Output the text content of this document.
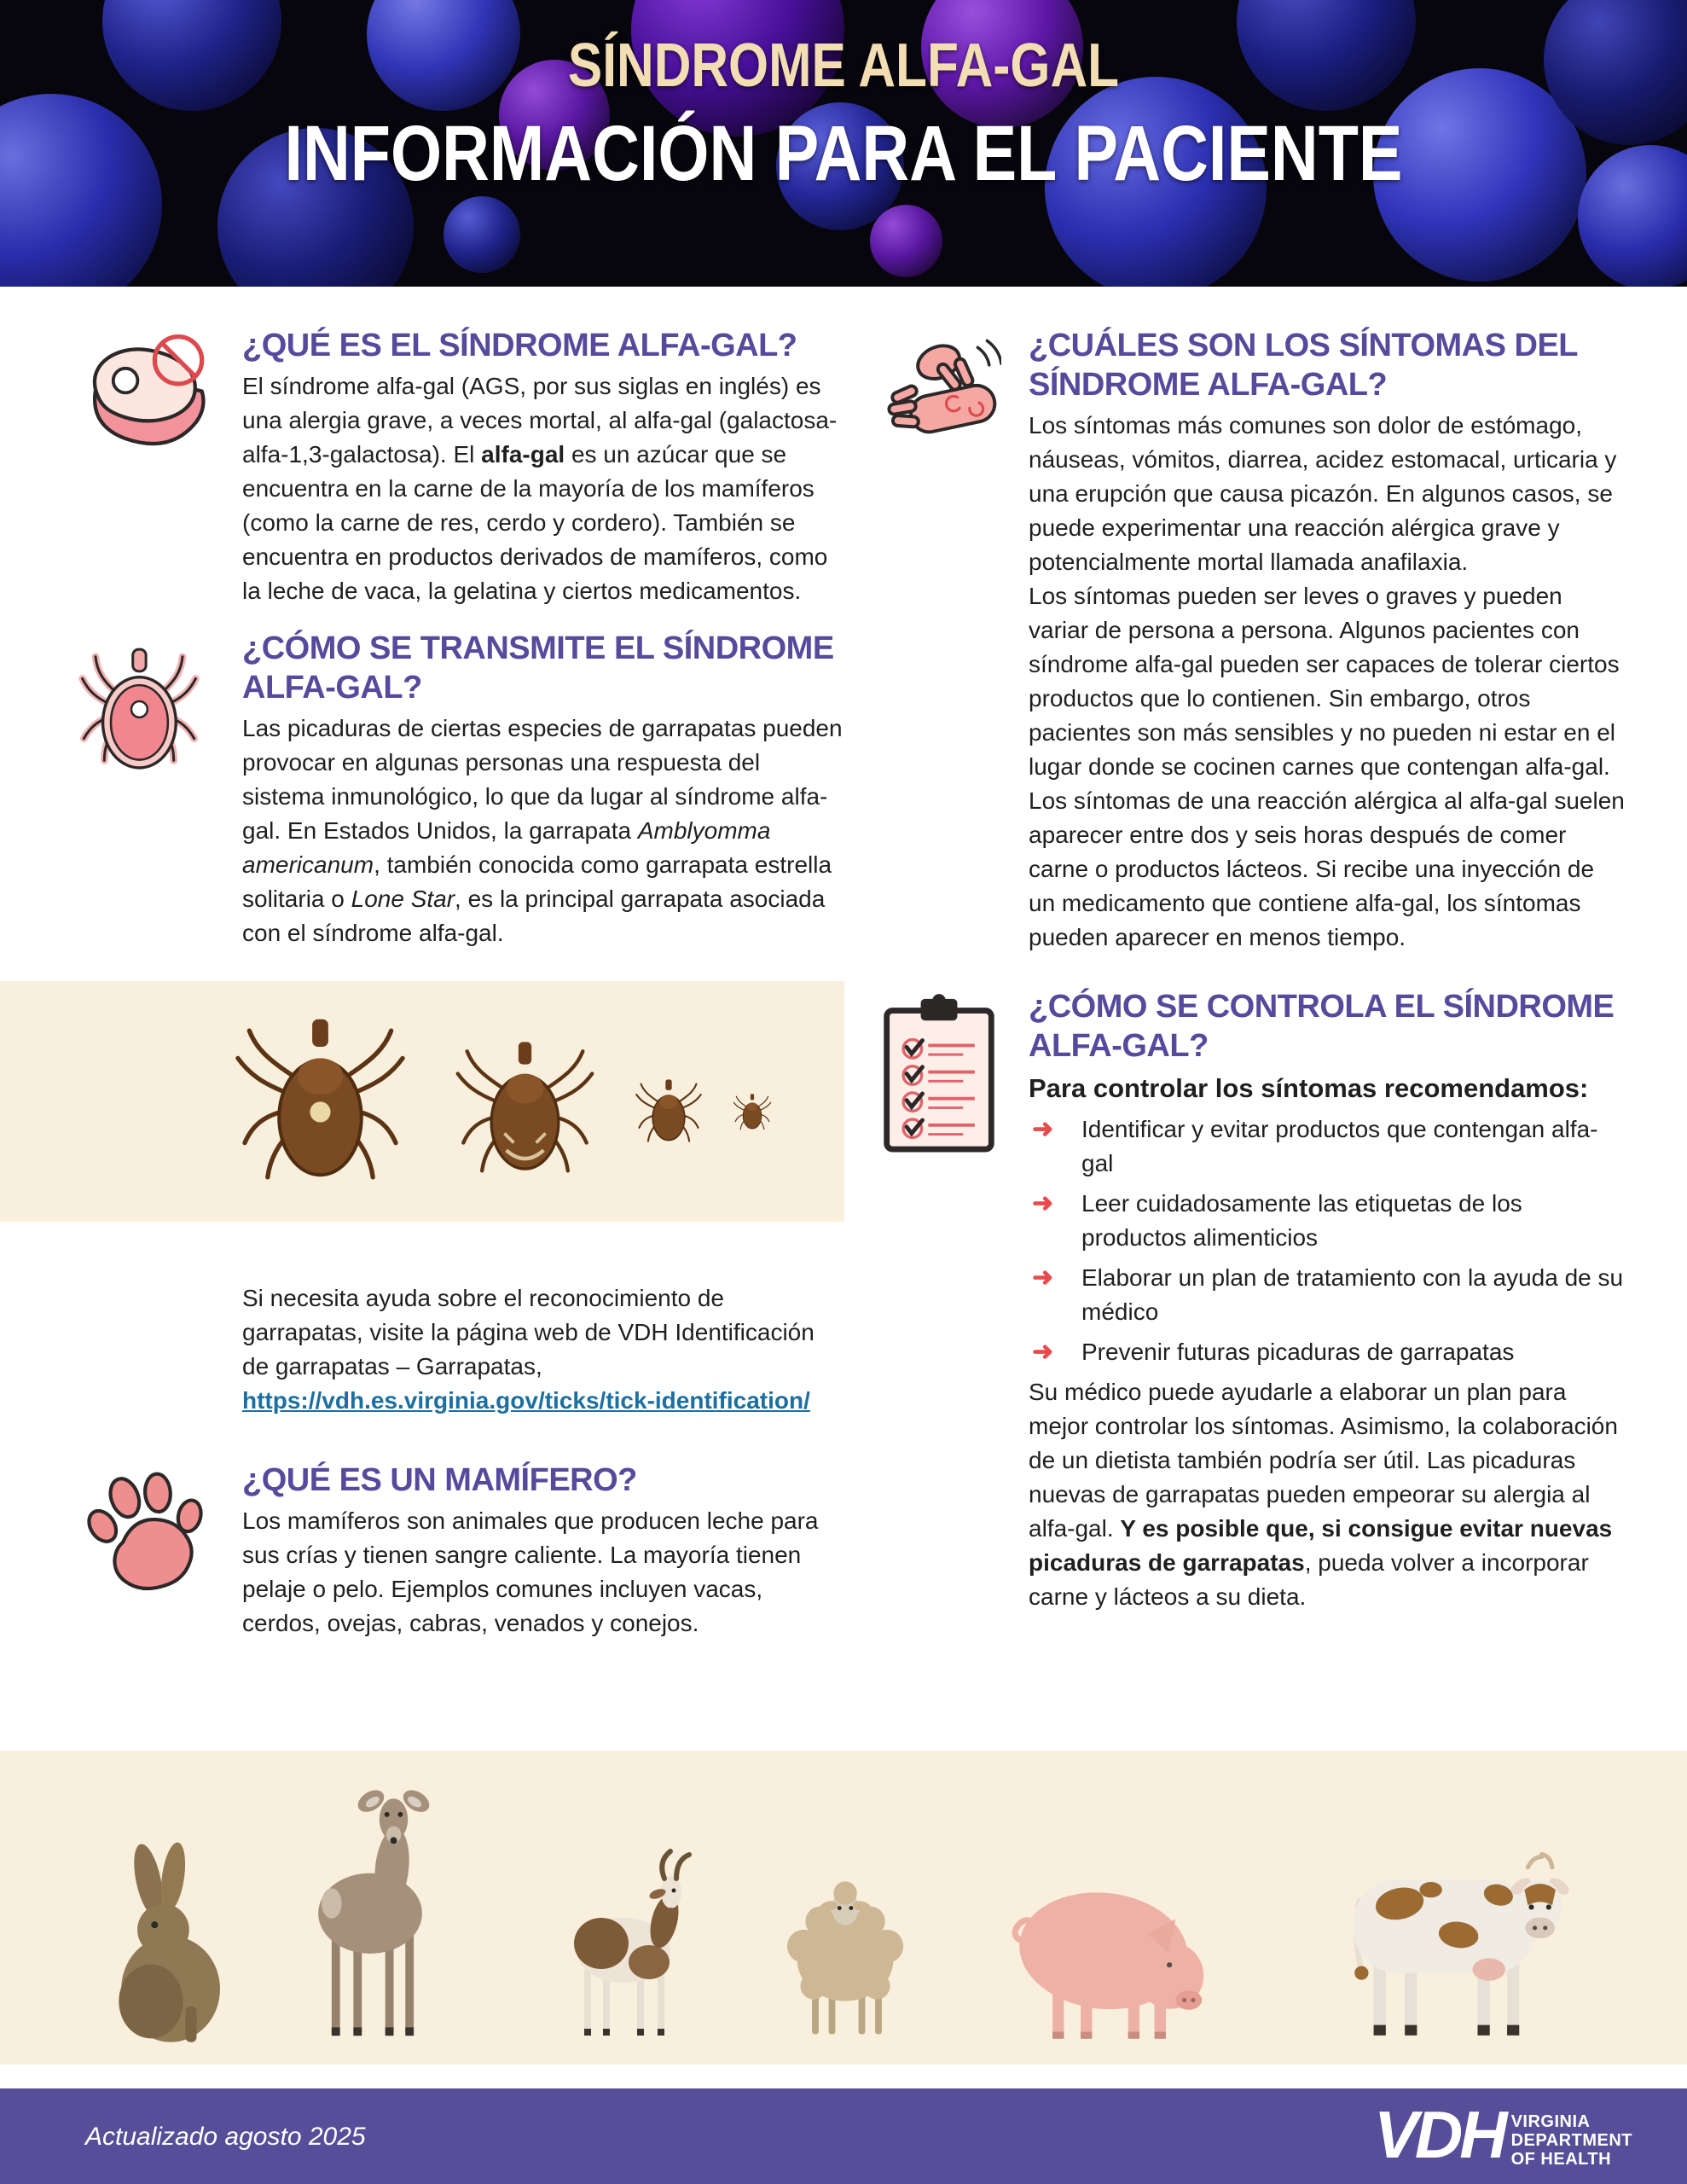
SÍNDROME ALFA-GAL
INFORMACIÓN PARA EL PACIENTE
¿QUÉ ES EL SÍNDROME ALFA-GAL?

El síndrome alfa-gal (AGS, por sus siglas en inglés) es una alergia grave, a veces mortal, al alfa-gal (galactosa-alfa-1,3-galactosa). El alfa-gal es un azúcar que se encuentra en la carne de la mayoría de los mamíferos (como la carne de res, cerdo y cordero). También se encuentra en productos derivados de mamíferos, como la leche de vaca, la gelatina y ciertos medicamentos.

¿CÓMO SE TRANSMITE EL SÍNDROME ALFA-GAL?

Las picaduras de ciertas especies de garrapatas pueden provocar en algunas personas una respuesta del sistema inmunológico, lo que da lugar al síndrome alfa-gal. En Estados Unidos, la garrapata Amblyomma americanum, también conocida como garrapata estrella solitaria o Lone Star, es la principal garrapata asociada con el síndrome alfa-gal.

Si necesita ayuda sobre el reconocimiento de garrapatas, visite la página web de VDH Identificación de garrapatas – Garrapatas, https://vdh.es.virginia.gov/ticks/tick-identification/

¿QUÉ ES UN MAMÍFERO?

Los mamíferos son animales que producen leche para sus crías y tienen sangre caliente. La mayoría tienen pelaje o pelo. Ejemplos comunes incluyen vacas, cerdos, ovejas, cabras, venados y conejos.

¿CUÁLES SON LOS SÍNTOMAS DEL SÍNDROME ALFA-GAL?

Los síntomas más comunes son dolor de estómago, náuseas, vómitos, diarrea, acidez estomacal, urticaria y una erupción que causa picazón. En algunos casos, se puede experimentar una reacción alérgica grave y potencialmente mortal llamada anafilaxia.

Los síntomas pueden ser leves o graves y pueden variar de persona a persona. Algunos pacientes con síndrome alfa-gal pueden ser capaces de tolerar ciertos productos que lo contienen. Sin embargo, otros pacientes son más sensibles y no pueden ni estar en el lugar donde se cocinen carnes que contengan alfa-gal. Los síntomas de una reacción alérgica al alfa-gal suelen aparecer entre dos y seis horas después de comer carne o productos lácteos. Si recibe una inyección de un medicamento que contiene alfa-gal, los síntomas pueden aparecer en menos tiempo.

¿CÓMO SE CONTROLA EL SÍNDROME ALFA-GAL?
Para controlar los síntomas recomendamos:
➜	Identificar y evitar productos que contengan alfa-gal
➜	Leer cuidadosamente las etiquetas de los productos alimenticios
➜	Elaborar un plan de tratamiento con la ayuda de su médico
➜	Prevenir futuras picaduras de garrapatas

Su médico puede ayudarle a elaborar un plan para mejor controlar los síntomas. Asimismo, la colaboración de un dietista también podría ser útil. Las picaduras nuevas de garrapatas pueden empeorar su alergia al alfa-gal. Y es posible que, si consigue evitar nuevas picaduras de garrapatas, pueda volver a incorporar carne y lácteos a su dieta.

Actualizado agosto 2025	VDH VIRGINIA
DEPARTMENT
OF HEALTH
